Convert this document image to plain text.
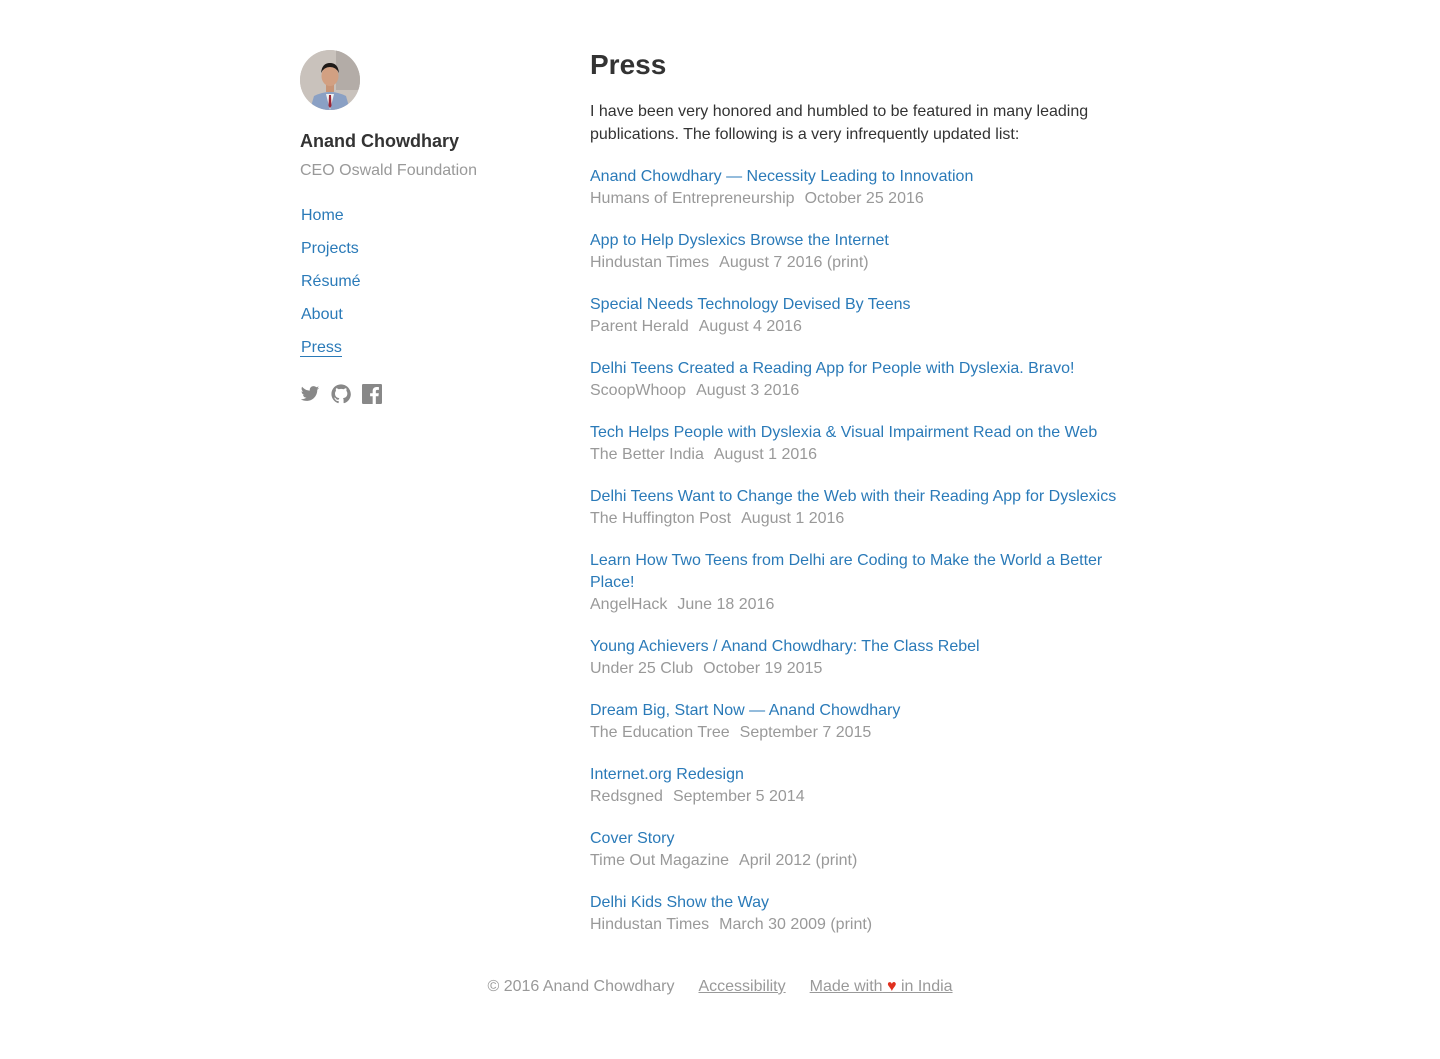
Anand Chowdhary
CEO Oswald Foundation
Home
Projects
Résumé
About
Press
Press

I have been very honored and humbled to be featured in many leading publications. The following is a very infrequently updated list:

Anand Chowdhary — Necessity Leading to Innovation
Humans of Entrepreneurship October 25 2016
App to Help Dyslexics Browse the Internet
Hindustan Times August 7 2016 (print)
Special Needs Technology Devised By Teens
Parent Herald August 4 2016
Delhi Teens Created a Reading App for People with Dyslexia. Bravo!
ScoopWhoop August 3 2016
Tech Helps People with Dyslexia & Visual Impairment Read on the Web
The Better India August 1 2016
Delhi Teens Want to Change the Web with their Reading App for Dyslexics
The Huffington Post August 1 2016
Learn How Two Teens from Delhi are Coding to Make the World a Better Place!
AngelHack June 18 2016
Young Achievers / Anand Chowdhary: The Class Rebel
Under 25 Club October 19 2015
Dream Big, Start Now — Anand Chowdhary
The Education Tree September 7 2015
Internet.org Redesign
Redsgned September 5 2014
Cover Story
Time Out Magazine April 2012 (print)
Delhi Kids Show the Way
Hindustan Times March 30 2009 (print)
© 2016 Anand Chowdhary Accessibility Made with ♥ in India
